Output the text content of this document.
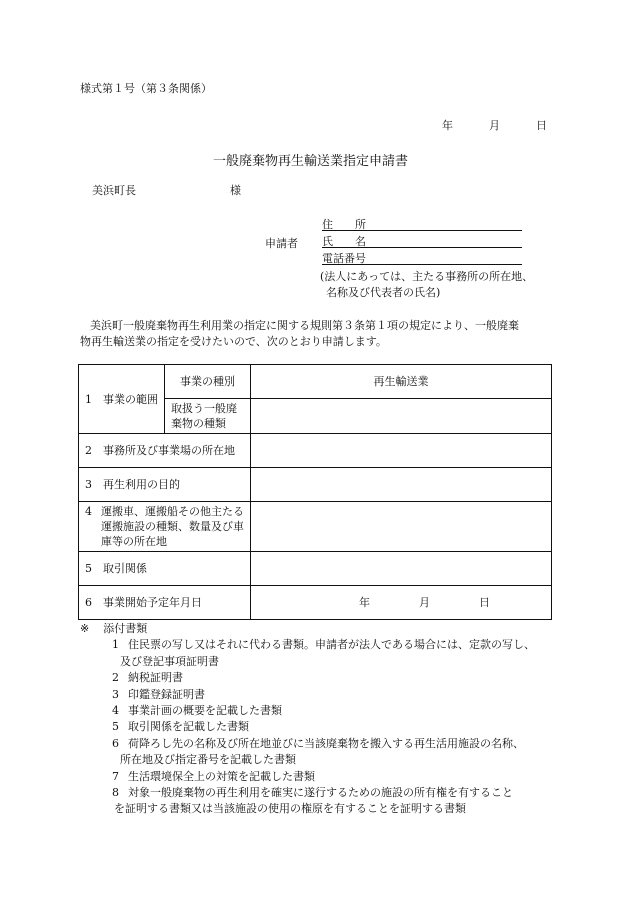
様式第１号（第３条関係）
年	月	日
一般廃棄物再生輸送業指定申請書
美浜町長	様
申請者
住　　所
氏　　名
電話番号
(法人にあっては、主たる事務所の所在地、
名称及び代表者の氏名)
美浜町一般廃棄物再生利用業の指定に関する規則第３条第１項の規定により、一般廃棄
物再生輸送業の指定を受けたいので、次のとおり申請します。
1　事業の範囲	事業の種別	再生輸送業
	取扱う一般廃棄物の種類	
2　事務所及び事業場の所在地		
3　再生利用の目的		

4 運搬車、運搬船その他主たる運搬施設の種類、数量及び車庫等の所在地		

5　取引関係		
6　事業開始予定年月日		年 月 日
※ 添付書類
1 住民票の写し又はそれに代わる書類。申請者が法人である場合には、定款の写し、
及び登記事項証明書
2 納税証明書
3 印鑑登録証明書
4 事業計画の概要を記載した書類
5 取引関係を記載した書類
6 荷降ろし先の名称及び所在地並びに当該廃棄物を搬入する再生活用施設の名称、
所在地及び指定番号を記載した書類
7 生活環境保全上の対策を記載した書類
8 対象一般廃棄物の再生利用を確実に遂行するための施設の所有権を有すること
を証明する書類又は当該施設の使用の権原を有することを証明する書類
